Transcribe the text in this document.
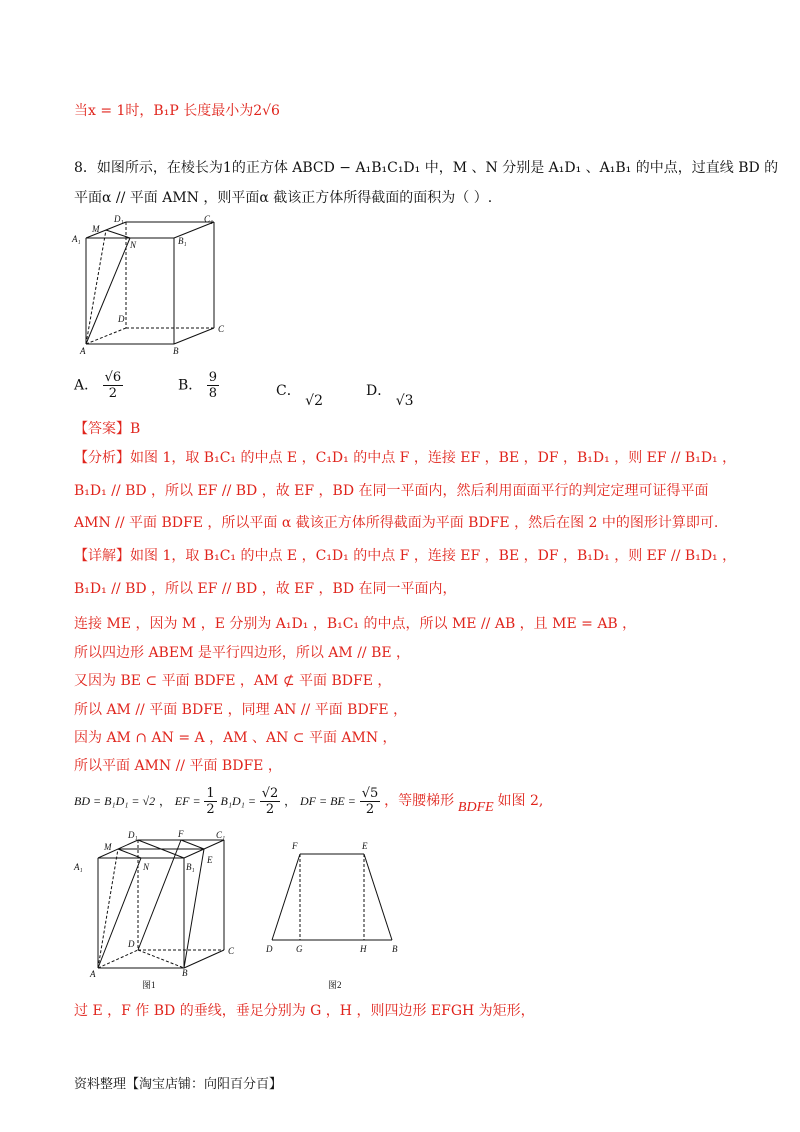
当x = 1时，B₁P 长度最小为2√6
8．如图所示，在棱长为1的正方体 ABCD − A₁B₁C₁D₁ 中，M 、N 分别是 A₁D₁ 、A₁B₁ 的中点，过直线 BD 的
平面α // 平面 AMN ，则平面α 截该正方体所得截面的面积为（ ）.
D₁	C₁
M
A₁
N	B₁
D
C
A	B
A． $\frac{√6}{2}$	B． $\frac{9}{8}$	C． √2
D． √3
【答案】B
【分析】如图 1，取 B₁C₁ 的中点 E ，C₁D₁ 的中点 F ，连接 EF ，BE ，DF ，B₁D₁ ，则 EF // B₁D₁ ，
B₁D₁ // BD ，所以 EF // BD ，故 EF ，BD 在同一平面内，然后利用面面平行的判定定理可证得平面
AMN // 平面 BDFE ，所以平面 α 截该正方体所得截面为平面 BDFE ，然后在图 2 中的图形计算即可.
【详解】如图 1，取 B₁C₁ 的中点 E ，C₁D₁ 的中点 F ，连接 EF ，BE ，DF ，B₁D₁ ，则 EF // B₁D₁ ，
B₁D₁ // BD ，所以 EF // BD ，故 EF ，BD 在同一平面内，
连接 ME ，因为 M ，E 分别为 A₁D₁ ，B₁C₁ 的中点，所以 ME // AB ，且 ME = AB ，
所以四边形 ABEM 是平行四边形，所以 AM // BE ，
又因为 BE ⊂ 平面 BDFE ，AM ⊄ 平面 BDFE ，
所以 AM // 平面 BDFE ，同理 AN // 平面 BDFE ，
因为 AM ∩ AN = A ，AM 、AN ⊂ 平面 AMN ，
所以平面 AMN // 平面 BDFE ，
BD = B₁D₁ = √2 ， EF = $\frac{1}{2} B_1D_1 = \frac{√2}{2}$ ， DF = BE = $\frac{√5}{2}$ ，等腰梯形 BDFE 如图 2,
D₁	F	C₁
M
E
A₁	N	B₁
D
C
A	B
图1
F	E
D	G	H	B
图2
过 E ，F 作 BD 的垂线，垂足分别为 G ，H ，则四边形 EFGH 为矩形，
资料整理【淘宝店铺：向阳百分百】
